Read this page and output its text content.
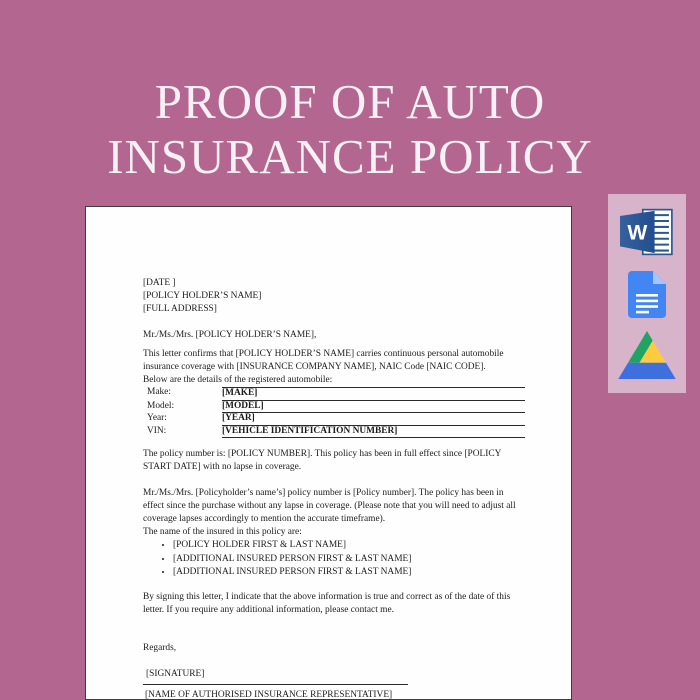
PROOF OF AUTO
INSURANCE POLICY
[DATE ]
[POLICY HOLDER’S NAME]
[FULL ADDRESS]
Mr./Ms./Mrs. [POLICY HOLDER’S NAME],
This letter confirms that [POLICY HOLDER’S NAME] carries continuous personal automobile insurance coverage with [INSURANCE COMPANY NAME], NAIC Code [NAIC CODE].
Below are the details of the registered automobile:
Make:	[MAKE]
Model:	[MODEL]
Year:	[YEAR]
VIN:	[VEHICLE IDENTIFICATION NUMBER]
The policy number is: [POLICY NUMBER]. This policy has been in full effect since [POLICY START DATE] with no lapse in coverage.
Mr./Ms./Mrs. [Policyholder’s name’s] policy number is [Policy number]. The policy has been in effect since the purchase without any lapse in coverage. (Please note that you will need to adjust all coverage lapses accordingly to mention the accurate timeframe).
The name of the insured in this policy are:
• [POLICY HOLDER FIRST & LAST NAME]
• [ADDITIONAL INSURED PERSON FIRST & LAST NAME]
• [ADDITIONAL INSURED PERSON FIRST & LAST NAME]
By signing this letter, I indicate that the above information is true and correct as of the date of this letter. If you require any additional information, please contact me.
Regards,
[SIGNATURE]
[NAME OF AUTHORISED INSURANCE REPRESENTATIVE]
W
